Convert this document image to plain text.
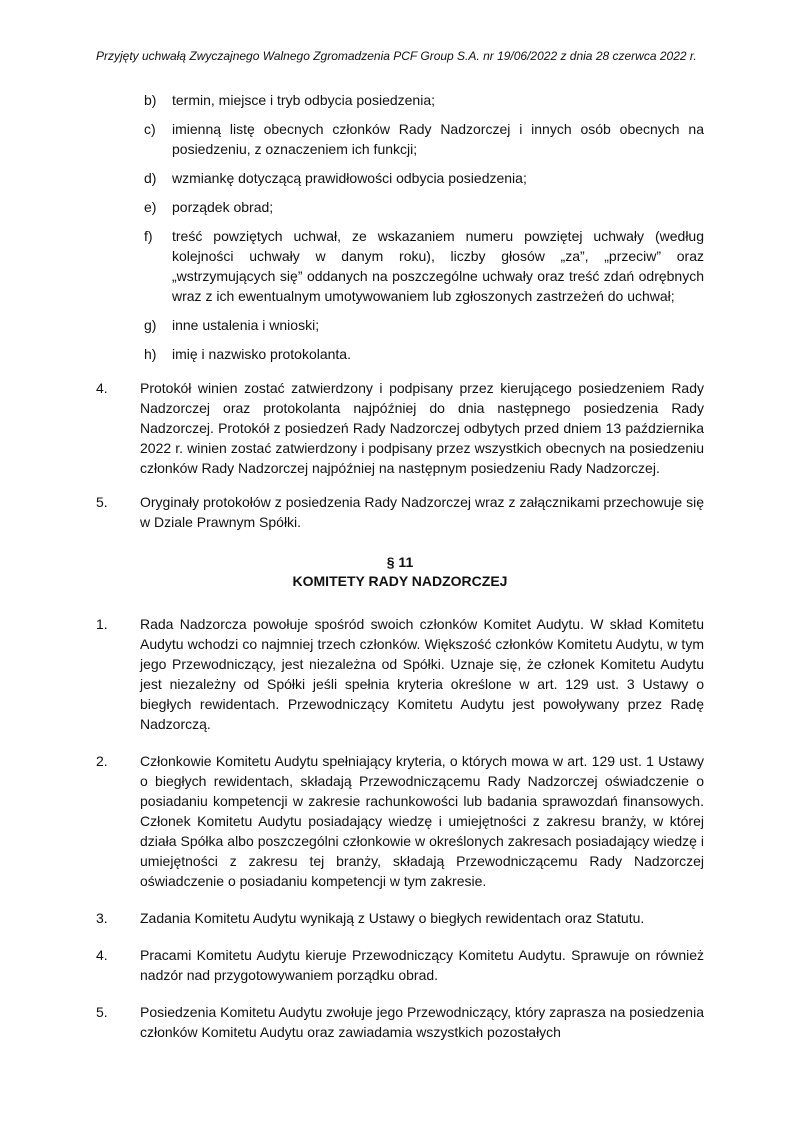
Przyjęty uchwałą Zwyczajnego Walnego Zgromadzenia PCF Group S.A. nr 19/06/2022 z dnia 28 czerwca 2022 r.

b)	termin, miejsce i tryb odbycia posiedzenia;
c)	imienną listę obecnych członków Rady Nadzorczej i innych osób obecnych na posiedzeniu, z oznaczeniem ich funkcji;
d)	wzmiankę dotyczącą prawidłowości odbycia posiedzenia;
e)	porządek obrad;
f)	treść powziętych uchwał, ze wskazaniem numeru powziętej uchwały (według kolejności uchwały w danym roku), liczby głosów „za”, „przeciw” oraz „wstrzymujących się” oddanych na poszczególne uchwały oraz treść zdań odrębnych wraz z ich ewentualnym umotywowaniem lub zgłoszonych zastrzeżeń do uchwał;
g)	inne ustalenia i wnioski;
h)	imię i nazwisko protokolanta.
4.	Protokół winien zostać zatwierdzony i podpisany przez kierującego posiedzeniem Rady Nadzorczej oraz protokolanta najpóźniej do dnia następnego posiedzenia Rady Nadzorczej. Protokół z posiedzeń Rady Nadzorczej odbytych przed dniem 13 października 2022 r. winien zostać zatwierdzony i podpisany przez wszystkich obecnych na posiedzeniu członków Rady Nadzorczej najpóźniej na następnym posiedzeniu Rady Nadzorczej.
5.	Oryginały protokołów z posiedzenia Rady Nadzorczej wraz z załącznikami przechowuje się w Dziale Prawnym Spółki.
§ 11
KOMITETY RADY NADZORCZEJ
1.	Rada Nadzorcza powołuje spośród swoich członków Komitet Audytu. W skład Komitetu Audytu wchodzi co najmniej trzech członków. Większość członków Komitetu Audytu, w tym jego Przewodniczący, jest niezależna od Spółki. Uznaje się, że członek Komitetu Audytu jest niezależny od Spółki jeśli spełnia kryteria określone w art. 129 ust. 3 Ustawy o biegłych rewidentach. Przewodniczący Komitetu Audytu jest powoływany przez Radę Nadzorczą.
2.	Członkowie Komitetu Audytu spełniający kryteria, o których mowa w art. 129 ust. 1 Ustawy o biegłych rewidentach, składają Przewodniczącemu Rady Nadzorczej oświadczenie o posiadaniu kompetencji w zakresie rachunkowości lub badania sprawozdań finansowych. Członek Komitetu Audytu posiadający wiedzę i umiejętności z zakresu branży, w której działa Spółka albo poszczególni członkowie w określonych zakresach posiadający wiedzę i umiejętności z zakresu tej branży, składają Przewodniczącemu Rady Nadzorczej oświadczenie o posiadaniu kompetencji w tym zakresie.
3.	Zadania Komitetu Audytu wynikają z Ustawy o biegłych rewidentach oraz Statutu.
4.	Pracami Komitetu Audytu kieruje Przewodniczący Komitetu Audytu. Sprawuje on również nadzór nad przygotowywaniem porządku obrad.
5.	Posiedzenia Komitetu Audytu zwołuje jego Przewodniczący, który zaprasza na posiedzenia członków Komitetu Audytu oraz zawiadamia wszystkich pozostałych
